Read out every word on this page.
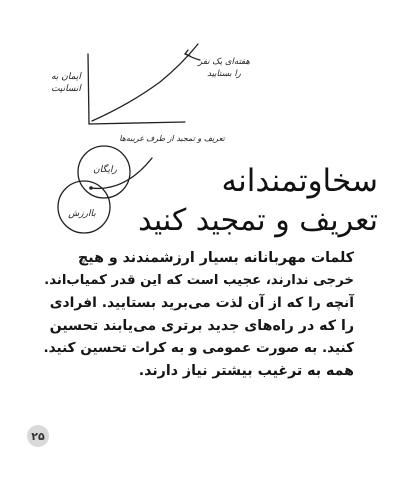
ایمان به
انسانیت
هفته‌ای یک نفر
را بستایید
تعریف و تمجید از طرف غریبه‌ها
رایگان
باارزش
سخاوتمندانه
تعریف و تمجید کنید
کلمات مهربانانه بسیار ارزشمندند و هیچ
خرجی ندارند، عجیب است که این قدر کمیاب‌اند.
آنچه را که از آن لذت می‌برید بستایید. افرادی
را که در راه‌های جدید برتری می‌یابند تحسین
کنید. به صورت عمومی و به کرات تحسین کنید.
همه به ترغیب بیشتر نیاز دارند.
۲۵
